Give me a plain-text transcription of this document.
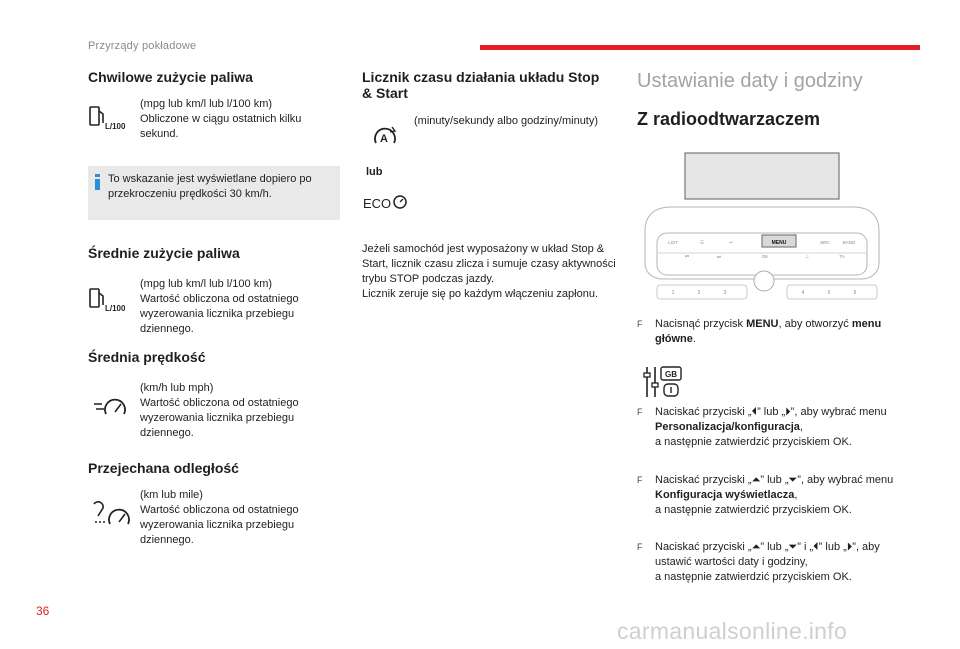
Przyrządy pokładowe
Chwilowe zużycie paliwa
L/100
(mpg lub km/l lub l/100 km)
Obliczone w ciągu ostatnich kilku sekund.
To wskazanie jest wyświetlane dopiero po przekroczeniu prędkości 30 km/h.
Średnie zużycie paliwa
L/100
(mpg lub km/l lub l/100 km)
Wartość obliczona od ostatniego wyzerowania licznika przebiegu dziennego.
Średnia prędkość
(km/h lub mph)
Wartość obliczona od ostatniego wyzerowania licznika przebiegu dziennego.
Przejechana odległość
(km lub mile)
Wartość obliczona od ostatniego wyzerowania licznika przebiegu dziennego.
Licznik czasu działania układu Stop & Start
A
(minuty/sekundy albo godziny/minuty)
lub
ECO
Jeżeli samochód jest wyposażony w układ Stop & Start, licznik czasu zlicza i sumuje czasy aktywności trybu STOP podczas jazdy.
Licznik zeruje się po każdym włączeniu zapłonu.
Ustawianie daty i godziny
Z radioodtwarzaczem
MENU
LIST	☰	↩	SRC	BAND
⏮	⏭	OK	♫	TA
1	2	3	4	5	6
F Nacisnąć przycisk MENU, aby otworzyć menu główne.
GB
F Naciskać przyciski „⏴” lub „⏵”, aby wybrać menu Personalizacja/konfiguracja,
a następnie zatwierdzić przyciskiem OK.
F Naciskać przyciski „⏶” lub „⏷”, aby wybrać menu Konfiguracja wyświetlacza,
a następnie zatwierdzić przyciskiem OK.
F Naciskać przyciski „⏶” lub „⏷” i „⏴” lub „⏵”, aby ustawić wartości daty i godziny,
a następnie zatwierdzić przyciskiem OK.
36
carmanualsonline.info
